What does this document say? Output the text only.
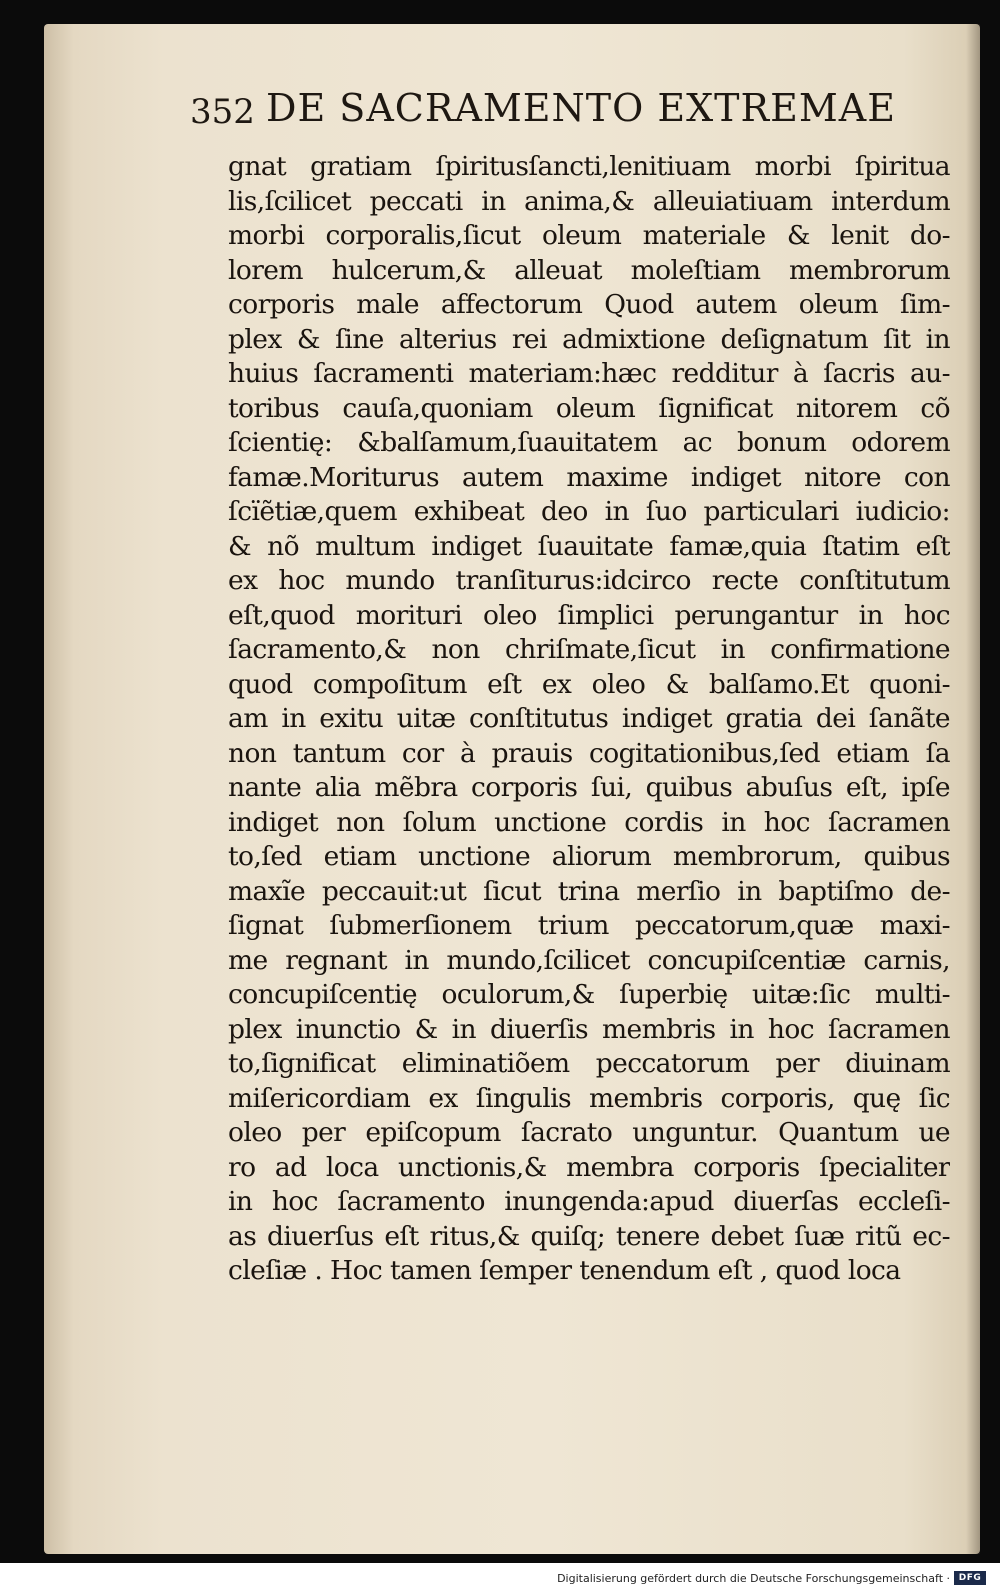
352 DE SACRAMENTO EXTREMAE
gnat gratiam ſpiritusſancti,lenitiuam morbi ſpiritua
lis,ſcilicet peccati in anima,& alleuiatiuam interdum
morbi corporalis,ſicut oleum materiale & lenit do-
lorem hulcerum,& alleuat moleſtiam membrorum
corporis male affectorum Quod autem oleum ſim-
plex & ſine alterius rei admixtione deſignatum ſit in
huius ſacramenti materiam:hæc redditur à ſacris au-
toribus cauſa,quoniam oleum ſignificat nitorem cõ
ſcientię: &balſamum,ſuauitatem ac bonum odorem
famæ.Moriturus autem maxime indiget nitore con
ſcïẽtiæ,quem exhibeat deo in ſuo particulari iudicio:
& nõ multum indiget ſuauitate famæ,quia ſtatim eſt
ex hoc mundo tranſiturus:idcirco recte conſtitutum
eſt,quod morituri oleo ſimplici perungantur in hoc
ſacramento,& non chriſmate,ſicut in confirmatione
quod compoſitum eſt ex oleo & balſamo.Et quoni-
am in exitu uitæ conſtitutus indiget gratia dei ſanãte
non tantum cor à prauis cogitationibus,ſed etiam ſa
nante alia mẽbra corporis ſui, quibus abuſus eſt, ipſe
indiget non ſolum unctione cordis in hoc ſacramen
to,ſed etiam unctione aliorum membrorum, quibus
maxĩe peccauit:ut ſicut trina merſio in baptiſmo de-
ſignat ſubmerſionem trium peccatorum,quæ maxi-
me regnant in mundo,ſcilicet concupiſcentiæ carnis,
concupiſcentię oculorum,& ſuperbię uitæ:ſic multi-
plex inunctio & in diuerſis membris in hoc ſacramen
to,ſignificat eliminatiõem peccatorum per diuinam
miſericordiam ex ſingulis membris corporis, quę ſic
oleo per epiſcopum ſacrato unguntur. Quantum ue
ro ad loca unctionis,& membra corporis ſpecialiter
in hoc ſacramento inungenda:apud diuerſas eccleſi-
as diuerſus eſt ritus,& quiſq; tenere debet ſuæ ritũ ec-
cleſiæ . Hoc tamen ſemper tenendum eſt , quod loca
Digitalisierung gefördert durch die Deutsche Forschungsgemeinschaft · DFG
